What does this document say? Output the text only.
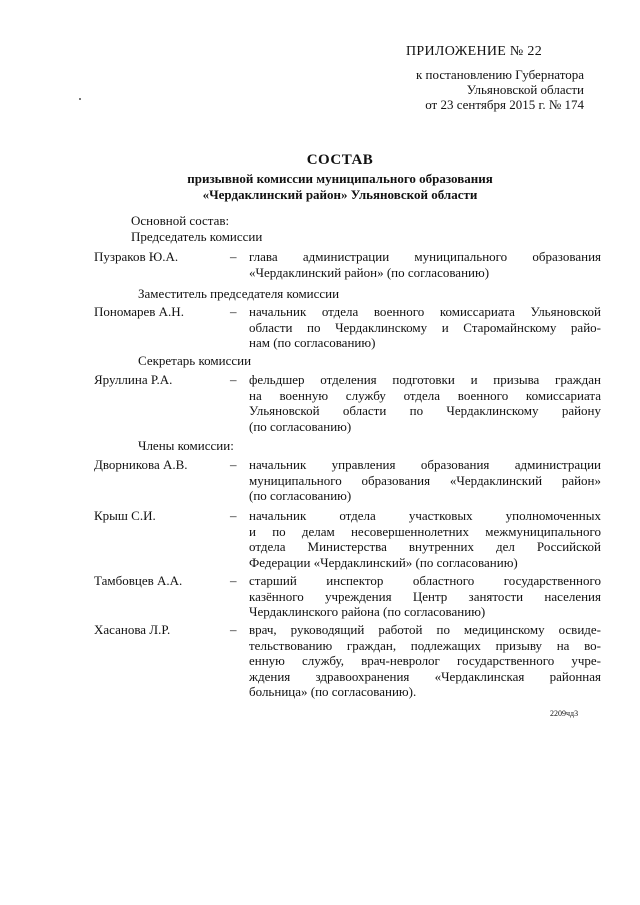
ПРИЛОЖЕНИЕ № 22
к постановлению Губернатора
Ульяновской области
от 23 сентября 2015 г. № 174
СОСТАВ
призывной комиссии муниципального образования
«Чердаклинский район» Ульяновской области
Основной состав:
Председатель комиссии
Пузраков Ю.А.	– глава администрации муниципального образования
«Чердаклинский район» (по согласованию)
Заместитель председателя комиссии
Пономарев А.Н.	– начальник отдела военного комиссариата Ульяновской
области по Чердаклинскому и Старомайнскому райо-
нам (по согласованию)
Секретарь комиссии
Яруллина Р.А.	– фельдшер отделения подготовки и призыва граждан
на военную службу отдела военного комиссариата
Ульяновской области по Чердаклинскому району
(по согласованию)
Члены комиссии:
Дворникова А.В.	– начальник управления образования администрации
муниципального образования «Чердаклинский район»
(по согласованию)
Крыш С.И.	– начальник отдела участковых уполномоченных
и по делам несовершеннолетних межмуниципального
отдела Министерства внутренних дел Российской
Федерации «Чердаклинский» (по согласованию)
Тамбовцев А.А.	– старший инспектор областного государственного
казённого учреждения Центр занятости населения
Чердаклинского района (по согласованию)
Хасанова Л.Р.	– врач, руководящий работой по медицинскому освиде-
тельствованию граждан, подлежащих призыву на во-
енную службу, врач-невролог государственного учре-
ждения здравоохранения «Чердаклинская районная
больница» (по согласованию).
2209чд3
